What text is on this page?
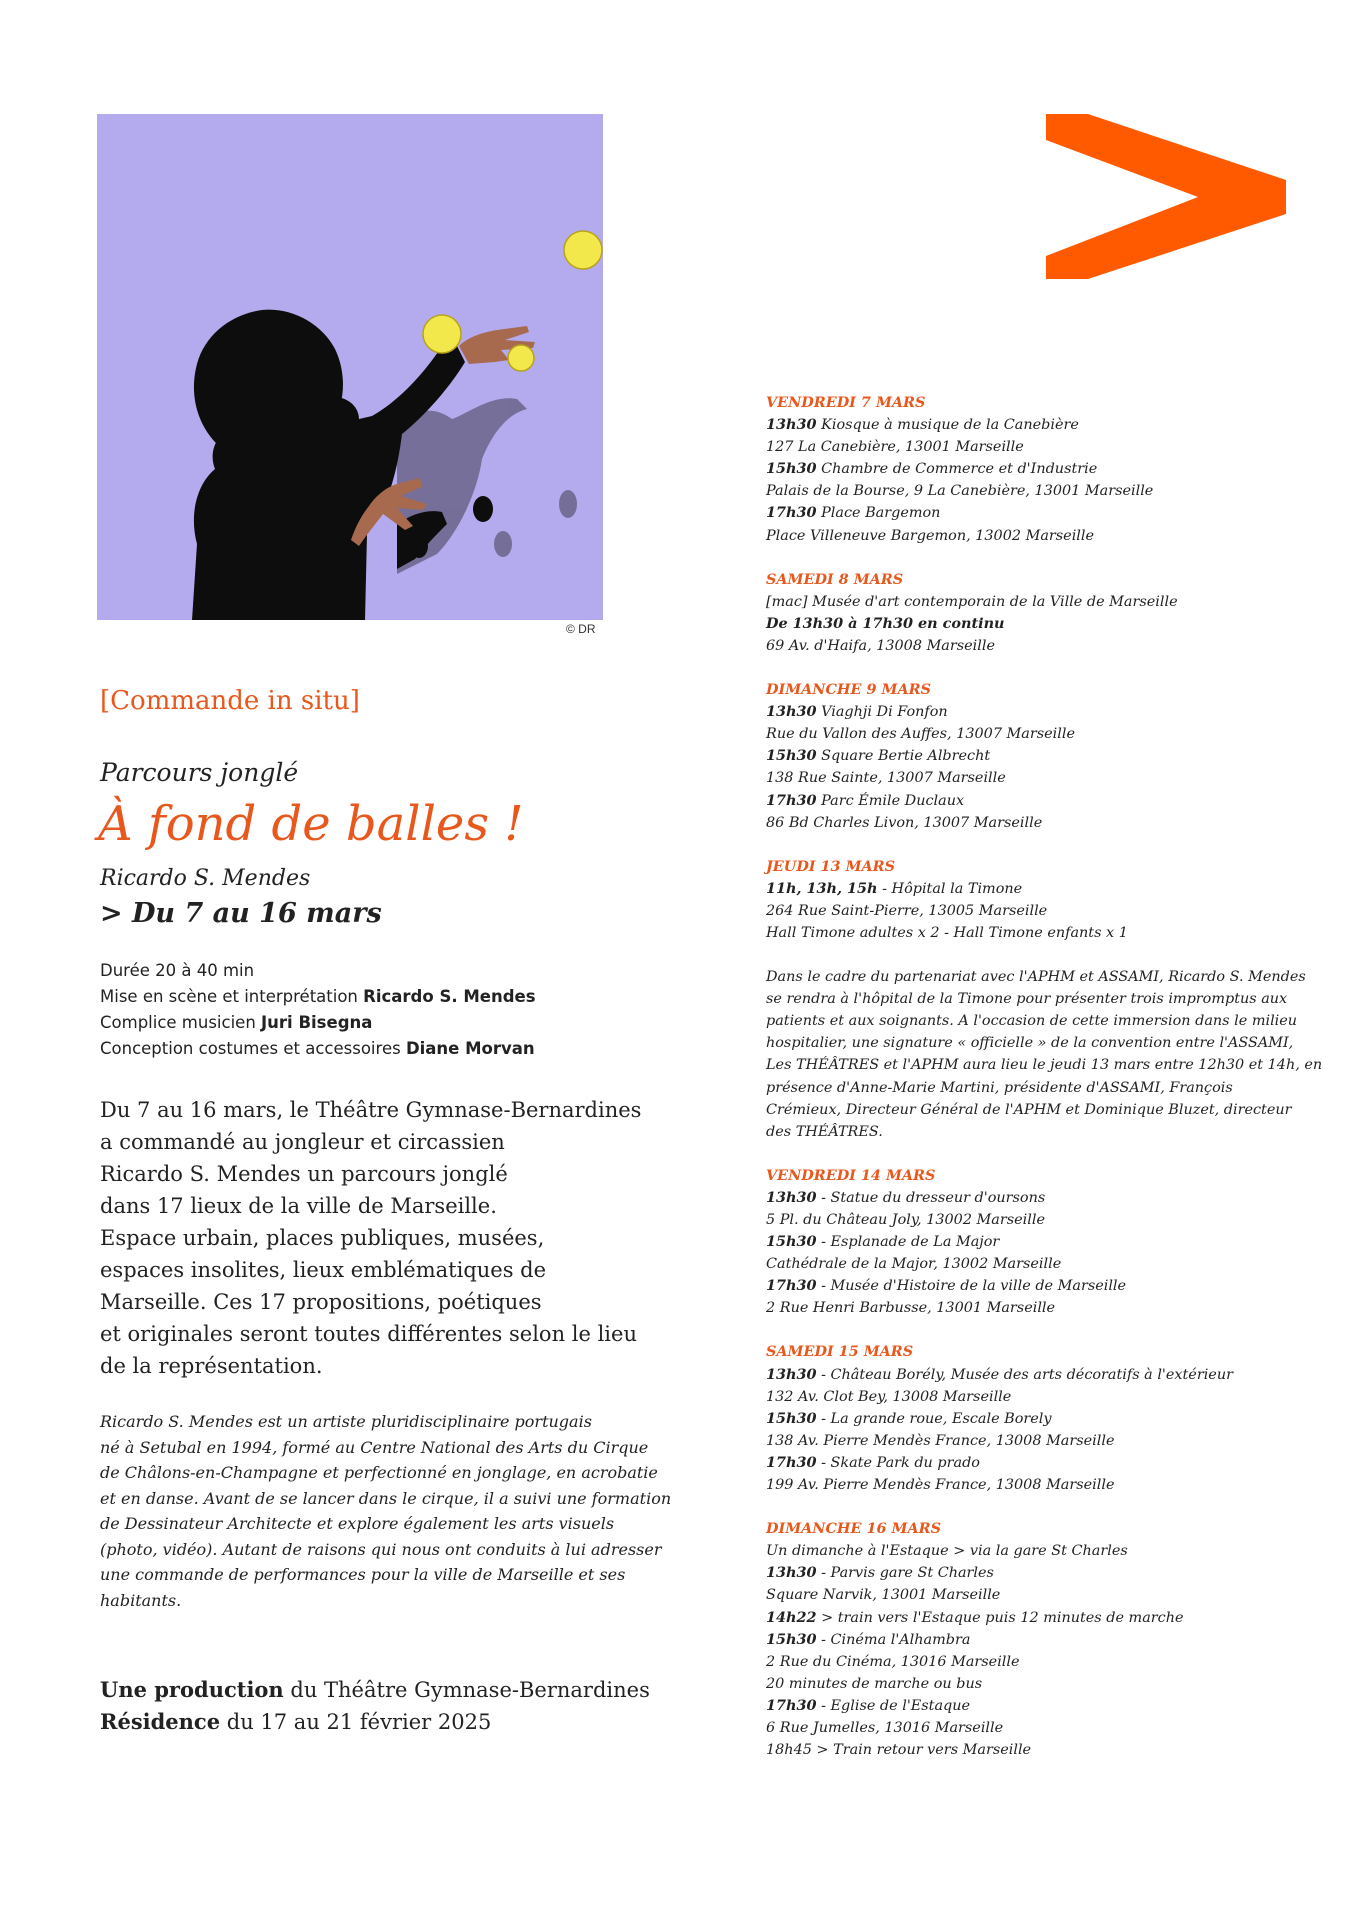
© DR
[Commande in situ]
Parcours jonglé
À fond de balles !
Ricardo S. Mendes
> Du 7 au 16 mars
Durée 20 à 40 min
Mise en scène et interprétation Ricardo S. Mendes
Complice musicien Juri Bisegna
Conception costumes et accessoires Diane Morvan
Du 7 au 16 mars, le Théâtre Gymnase-Bernardines
a commandé au jongleur et circassien
Ricardo S. Mendes un parcours jonglé
dans 17 lieux de la ville de Marseille.
Espace urbain, places publiques, musées,
espaces insolites, lieux emblématiques de
Marseille. Ces 17 propositions, poétiques
et originales seront toutes différentes selon le lieu
de la représentation.
Ricardo S. Mendes est un artiste pluridisciplinaire portugais
né à Setubal en 1994, formé au Centre National des Arts du Cirque
de Châlons-en-Champagne et perfectionné en jonglage, en acrobatie
et en danse. Avant de se lancer dans le cirque, il a suivi une formation
de Dessinateur Architecte et explore également les arts visuels
(photo, vidéo). Autant de raisons qui nous ont conduits à lui adresser
une commande de performances pour la ville de Marseille et ses
habitants.
Une production du Théâtre Gymnase-Bernardines
Résidence du 17 au 21 février 2025
VENDREDI 7 MARS
13h30 Kiosque à musique de la Canebière
127 La Canebière, 13001 Marseille
15h30 Chambre de Commerce et d'Industrie
Palais de la Bourse, 9 La Canebière, 13001 Marseille
17h30 Place Bargemon
Place Villeneuve Bargemon, 13002 Marseille
SAMEDI 8 MARS
[mac] Musée d'art contemporain de la Ville de Marseille
De 13h30 à 17h30 en continu
69 Av. d'Haifa, 13008 Marseille
DIMANCHE 9 MARS
13h30 Viaghji Di Fonfon
Rue du Vallon des Auffes, 13007 Marseille
15h30 Square Bertie Albrecht
138 Rue Sainte, 13007 Marseille
17h30 Parc Émile Duclaux
86 Bd Charles Livon, 13007 Marseille
JEUDI 13 MARS
11h, 13h, 15h - Hôpital la Timone
264 Rue Saint-Pierre, 13005 Marseille
Hall Timone adultes x 2 - Hall Timone enfants x 1
Dans le cadre du partenariat avec l'APHM et ASSAMI, Ricardo S. Mendes
se rendra à l'hôpital de la Timone pour présenter trois impromptus aux
patients et aux soignants. A l'occasion de cette immersion dans le milieu
hospitalier, une signature « officielle » de la convention entre l'ASSAMI,
Les THÉÂTRES et l'APHM aura lieu le jeudi 13 mars entre 12h30 et 14h, en
présence d'Anne-Marie Martini, présidente d'ASSAMI, François
Crémieux, Directeur Général de l'APHM et Dominique Bluzet, directeur
des THÉÂTRES.
VENDREDI 14 MARS
13h30 - Statue du dresseur d'oursons
5 Pl. du Château Joly, 13002 Marseille
15h30 - Esplanade de La Major
Cathédrale de la Major, 13002 Marseille
17h30 - Musée d'Histoire de la ville de Marseille
2 Rue Henri Barbusse, 13001 Marseille
SAMEDI 15 MARS
13h30 - Château Borély, Musée des arts décoratifs à l'extérieur
132 Av. Clot Bey, 13008 Marseille
15h30 - La grande roue, Escale Borely
138 Av. Pierre Mendès France, 13008 Marseille
17h30 - Skate Park du prado
199 Av. Pierre Mendès France, 13008 Marseille
DIMANCHE 16 MARS
Un dimanche à l'Estaque > via la gare St Charles
13h30 - Parvis gare St Charles
Square Narvik, 13001 Marseille
14h22 > train vers l'Estaque puis 12 minutes de marche
15h30 - Cinéma l'Alhambra
2 Rue du Cinéma, 13016 Marseille
20 minutes de marche ou bus
17h30 - Eglise de l'Estaque
6 Rue Jumelles, 13016 Marseille
18h45 > Train retour vers Marseille
